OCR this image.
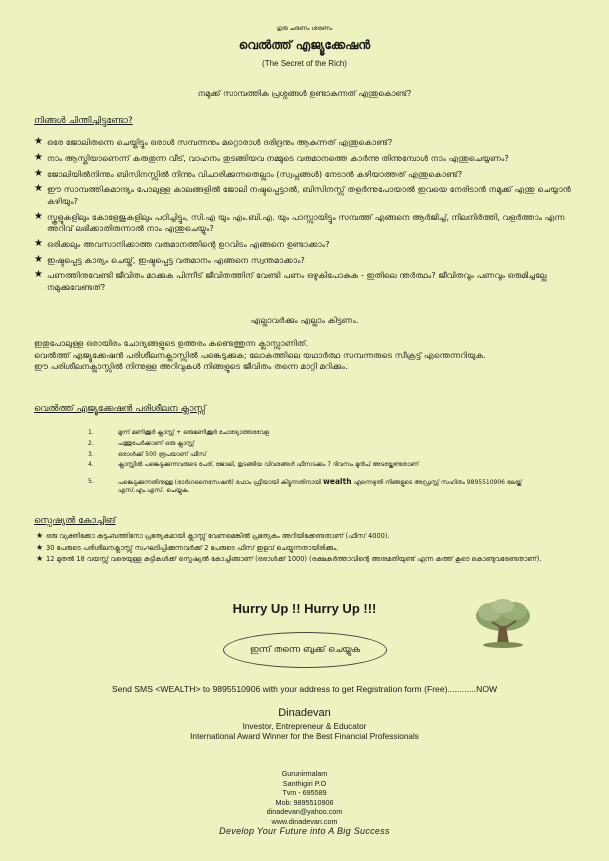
ഗുരു ചരണം ശരണം
വെൽത്ത് എജ്യൂക്കേഷൻ
(The Secret of the Rich)
നമുക്ക് സാമ്പത്തിക പ്രശ്നങ്ങൾ ഉണ്ടാകുന്നത് എന്തുകൊണ്ട്?
നിങ്ങൾ ചിന്തിച്ചിട്ടുണ്ടോ?
★ ഒരേ ജോലിതന്നെ ചെയ്തിട്ടും ഒരാൾ സമ്പന്നനും മറ്റൊരാൾ ദരിദ്രനും ആകുന്നത് എന്തുകൊണ്ട്?
★ നാം ആസ്തിയാണെന്ന് കരുതുന്ന വീട്, വാഹനം തുടങ്ങിയവ നമ്മുടെ വരുമാനത്തെ കാർന്നു തിന്നുമ്പോൾ നാം എന്തുചെയ്യണം?
★ ജോലിയിൽനിന്നും ബിസിനസ്സിൽ നിന്നും വിചാരിക്കുന്നതെല്ലാം (സ്വപ്നങ്ങൾ) നേടാൻ കഴിയാത്തത് എന്തുകൊണ്ട്?
★ ഈ സാമ്പത്തികമാന്ദ്യം പോലുള്ള കാലങ്ങളിൽ ജോലി നഷ്ടപ്പെട്ടാൽ, ബിസിനസ്സ് തളർന്നുപോയാൽ ഇവയെ നേരിടാൻ നമുക്ക് എന്തു ചെയ്യാൻ കഴിയും?
★ സ്കൂളുകളിലും കോളേജുകളിലും പഠിച്ചിട്ടും, സി.എ യും എം.ബി.എ. യും പാസ്സായിട്ടും സമ്പത്ത് എങ്ങനെ ആർജിച്ച്, നിലനിർത്തി, വളർത്താം എന്ന അറിവ് ലഭിക്കാതിരുന്നാൽ നാം എന്തുചെയ്യും?
★ ഒരിക്കലും അവസാനിക്കാത്ത വരുമാനത്തിന്റെ ഉറവിടം എങ്ങനെ ഉണ്ടാക്കാം?
★ ഇഷ്ടപ്പെട്ട കാര്യം ചെയ്ത്, ഇഷ്ടപ്പെട്ട വരുമാനം എങ്ങനെ സ്വന്തമാക്കാം?
★ പണത്തിനുവേണ്ടി ജീവിതം മാക്കുക പിന്നീട് ജീവിതത്തിന് വേണ്ടി പണം ഒഴുകിപോകുക - ഇതിലെ ന്തർത്ഥം? ജീവിതവും പണവും ഒരുമിച്ചല്ലേ നമുക്കുവേണ്ടത്?
എല്ലാവർക്കും എല്ലാം കിട്ടണം.
ഇതുപോലുള്ള ഒരായിരം ചോദ്യങ്ങളുടെ ഉത്തരം കണ്ടെത്തുന്ന ക്ലാസ്സാണിത്.
വെൽത്ത് എജ്യൂക്കേഷൻ പരിശീലനക്ലാസ്സിൽ പങ്കെടുക്കുക; ലോകത്തിലെ യഥാർത്ഥ സമ്പന്നരുടെ സീക്രട്ട് എന്തെന്നറിയുക.
ഈ പരിശീലനക്ലാസ്സിൽ നിന്നുള്ള അറിവുകൾ നിങ്ങളുടെ ജീവിതം തന്നെ മാറ്റി മറിക്കും.
വെൽത്ത് എജ്യൂക്കേഷൻ പരിശീലന ക്ലാസ്സ്
1.	മൂന്ന് മണിക്കൂർ ക്ലാസ്സ് + ഒരുമണിക്കൂർ ചോദ്യോത്തരവേള
2.	പത്തുപേർക്കാണ് ഒരു ക്ലാസ്സ്
3.	ഒരാൾക്ക് 500 രൂപയാണ് ഫീസ്
4.	ക്ലാസ്സിൽ പങ്കെടുക്കുന്നവരുടെ പേര്, ജോലി, തുടങ്ങിയ വിവരങ്ങൾ ഫീസടക്കം 7 ദിവസം മുൻപ് അടയ്ക്കേണ്ടതാണ്
5.	പങ്കെടുക്കുന്നതിനുള്ള (രാർഗനൈസേഷൻ) ഫോം ഫ്രീയായി കിട്ടുന്നതിനായി wealth എന്നെഴുതി നിങ്ങളുടെ അഡ്രസ്സ് സഹിതം 9895510906 ലേയ്ക്ക് എസ്.എം.എസ്. ചെയ്യുക.
സ്പെഷ്യൽ കോച്ചിങ്
★ ഒരു വ്യക്തിക്കോ കുടുംബത്തിനോ പ്രത്യേകമായി ക്ലാസ്സ് വേണമെങ്കിൽ പ്രത്യേകം അറിയിക്കേണ്ടതാണ് (ഫീസ് 4000).
★ 30 പേരുടെ പരിശീലനക്ലാസ്സ് സംഘടിപ്പിക്കുന്നവർക്ക് 2 പേരുടെ ഫീസ് ഇളവ് ചെയ്യുന്നതായിരിക്കും.
★ 12 മുതൽ 18 വയസ്സ് വരെയുള്ള കുട്ടികൾക്ക് സ്പെഷ്യൽ കോച്ചിങ്ങാണ് (ഒരാൾക്ക് 1000) (രക്ഷകർത്താവിന്റെ അനുമതിയുണ്ട് എന്ന കത്ത് കൂടെ കൊണ്ടുവരേണ്ടതാണ്).
Hurry Up !! Hurry Up !!!
ഇന്ന് തന്നെ ബുക്ക് ചെയ്യുക
Send SMS <WEALTH> to 9895510906 with your address to get Registration form (Free)............NOW
Dinadevan
Investor, Entrepreneur & Educator
International Award Winner for the Best Financial Professionals
Gurunirmalam
Santhigiri P.O
Tvm - 695589
Mob: 9895510906
dinadevan@yahoo.com
www.dinadevan.com
Develop Your Future into A Big Success
